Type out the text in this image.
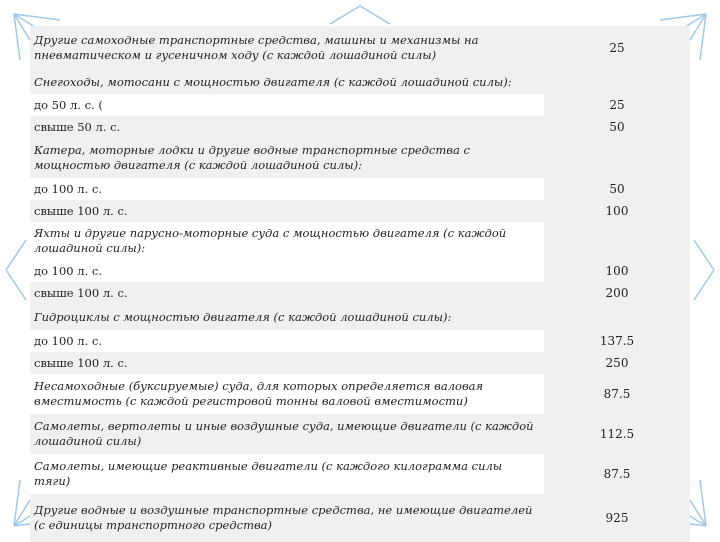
Другие самоходные транспортные средства, машины и механизмы на пневматическом и гусеничном ходу (с каждой лошадиной силы)	25
Снегоходы, мотосани с мощностью двигателя (с каждой лошадиной силы):	
до 50 л. с. (	25
свыше 50 л. с.	50
Катера, моторные лодки и другие водные транспортные средства с мощностью двигателя (с каждой лошадиной силы):	
до 100 л. с.	50
свыше 100 л. с.	100
Яхты и другие парусно-моторные суда с мощностью двигателя (с каждой лошадиной силы):	
до 100 л. с.	100
свыше 100 л. с.	200
Гидроциклы с мощностью двигателя (с каждой лошадиной силы):	
до 100 л. с.	137.5
свыше 100 л. с.	250
Несамоходные (буксируемые) суда, для которых определяется валовая вместимость (с каждой регистровой тонны валовой вместимости)	87.5
Самолеты, вертолеты и иные воздушные суда, имеющие двигатели (с каждой лошадиной силы)	112.5
Самолеты, имеющие реактивные двигатели (с каждого килограмма силы тяги)	87.5
Другие водные и воздушные транспортные средства, не имеющие двигателей (с единицы транспортного средства)	925
